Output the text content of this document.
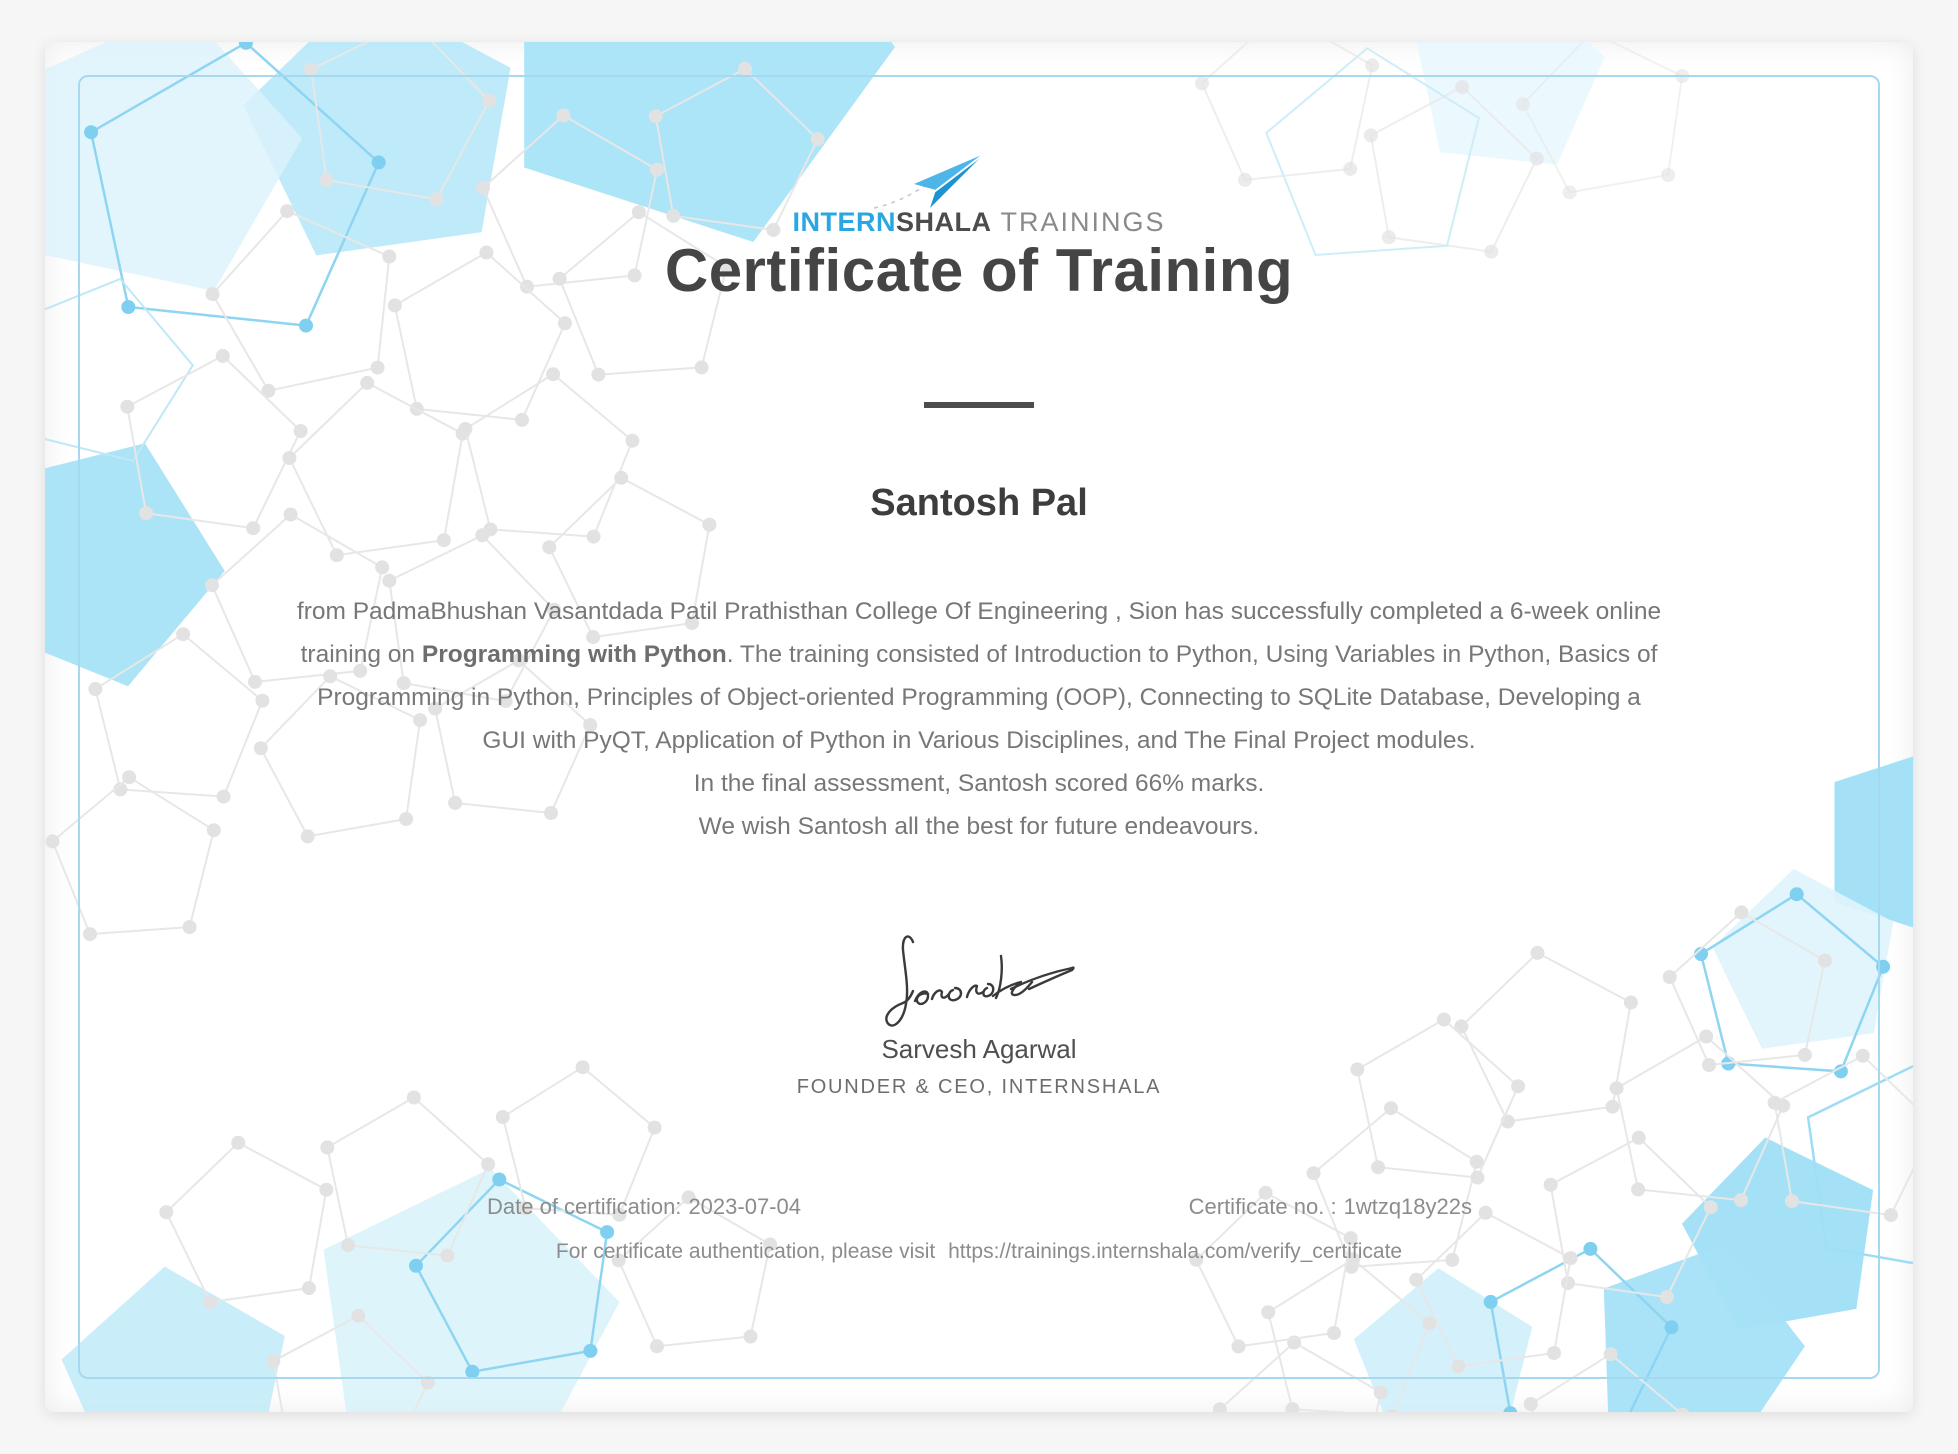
INTERNSHALA TRAININGS
Certificate of Training
Santosh Pal

from PadmaBhushan Vasantdada Patil Prathisthan College Of Engineering , Sion has successfully completed a 6-week online training on Programming with Python. The training consisted of Introduction to Python, Using Variables in Python, Basics of Programming in Python, Principles of Object-oriented Programming (OOP), Connecting to SQLite Database, Developing a GUI with PyQT, Application of Python in Various Disciplines, and The Final Project modules.

In the final assessment, Santosh scored 66% marks.

We wish Santosh all the best for future endeavours.

Sarvesh Agarwal
FOUNDER & CEO, INTERNSHALA
Date of certification: 2023-07-04	Certificate no. : 1wtzq18y22s
For certificate authentication, please visit https://trainings.internshala.com/verify_certificate
